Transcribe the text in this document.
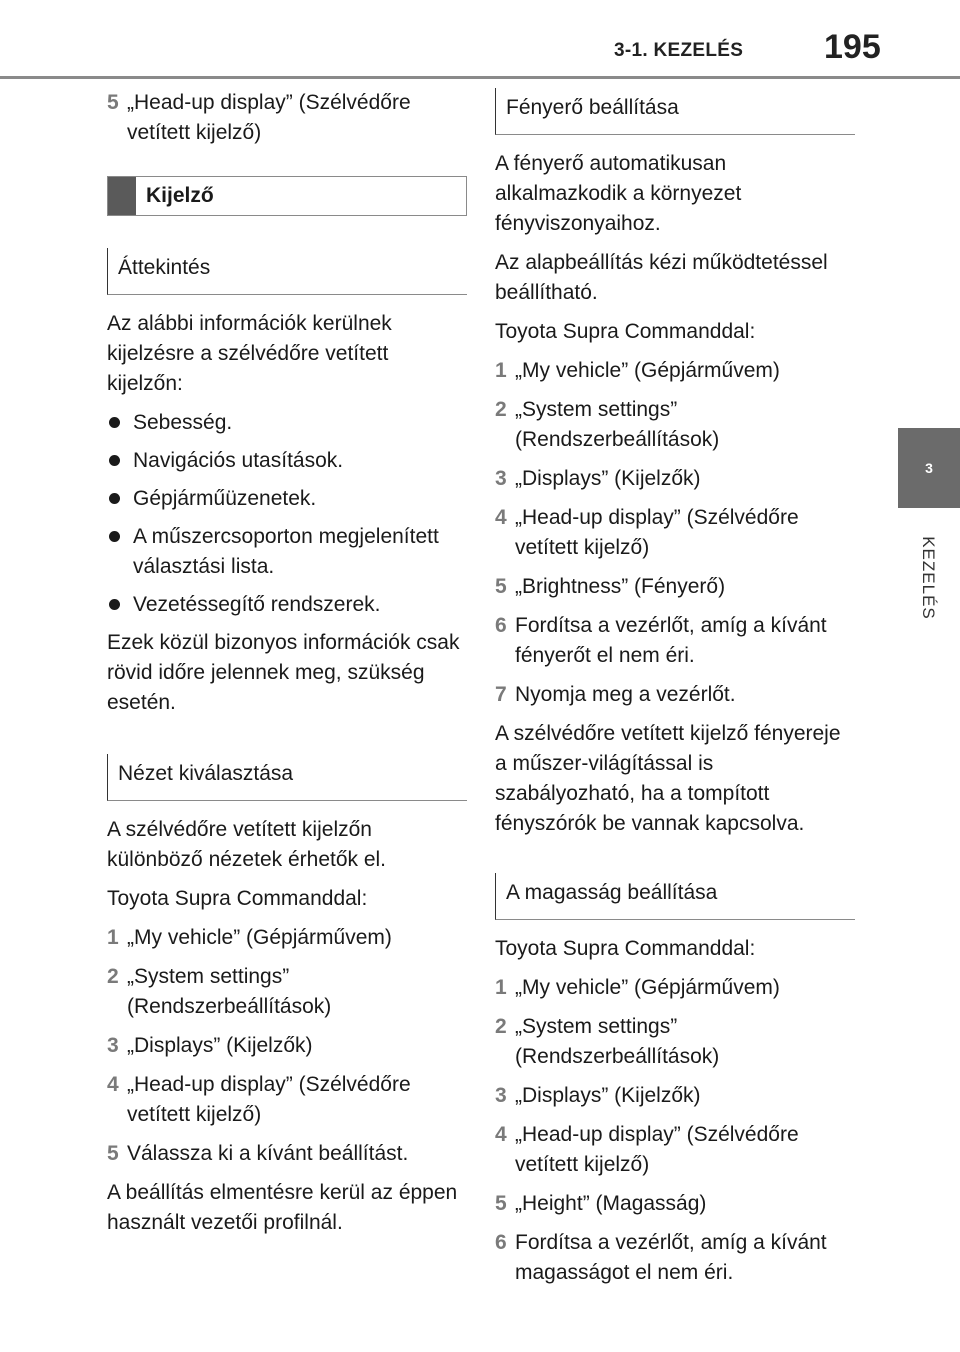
3-1. KEZELÉS 195
3
KEZELÉS
5 „Head-up display” (Szélvédőre vetített kijelző)
Kijelző
Áttekintés
Az alábbi információk kerülnek kijelzésre a szélvédőre vetített kijelzőn:
Sebesség.
Navigációs utasítások.
Gépjárműüzenetek.
A műszercsoporton megjelenített választási lista.
Vezetéssegítő rendszerek.
Ezek közül bizonyos információk csak rövid időre jelennek meg, szükség esetén.
Nézet kiválasztása
A szélvédőre vetített kijelzőn különböző nézetek érhetők el.
Toyota Supra Commanddal:
1 „My vehicle” (Gépjárművem)
2 „System settings” (Rendszerbeállítások)
3 „Displays” (Kijelzők)
4 „Head-up display” (Szélvédőre vetített kijelző)
5 Válassza ki a kívánt beállítást.
A beállítás elmentésre kerül az éppen használt vezetői profilnál.
Fényerő beállítása
A fényerő automatikusan alkalmazkodik a környezet fényviszonyaihoz.
Az alapbeállítás kézi működtetéssel beállítható.
Toyota Supra Commanddal:
1 „My vehicle” (Gépjárművem)
2 „System settings” (Rendszerbeállítások)
3 „Displays” (Kijelzők)
4 „Head-up display” (Szélvédőre vetített kijelző)
5 „Brightness” (Fényerő)
6 Fordítsa a vezérlőt, amíg a kívánt fényerőt el nem éri.
7 Nyomja meg a vezérlőt.
A szélvédőre vetített kijelző fényereje a műszer-világítással is szabályozható, ha a tompított fényszórók be vannak kapcsolva.
A magasság beállítása
Toyota Supra Commanddal:
1 „My vehicle” (Gépjárművem)
2 „System settings” (Rendszerbeállítások)
3 „Displays” (Kijelzők)
4 „Head-up display” (Szélvédőre vetített kijelző)
5 „Height” (Magasság)
6 Fordítsa a vezérlőt, amíg a kívánt magasságot el nem éri.
